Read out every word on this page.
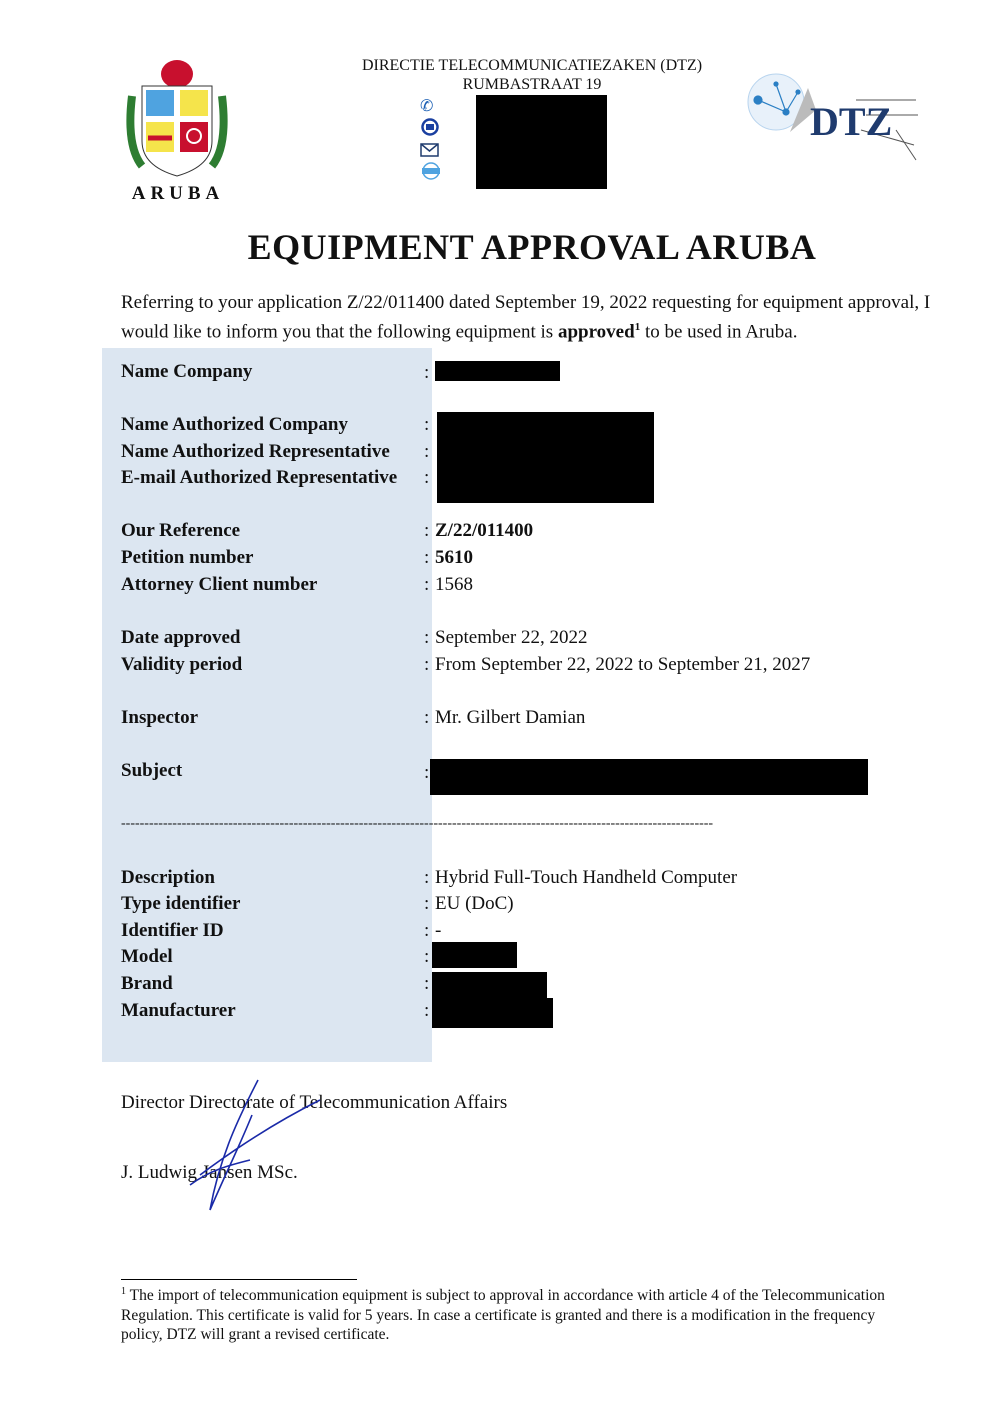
ARUBA
DIRECTIE TELECOMMUNICATIEZAKEN (DTZ)
RUMBASTRAAT 19
✆	DTZ
EQUIPMENT APPROVAL ARUBA
Referring to your application Z/22/011400 dated September 19, 2022 requesting for equipment approval, I would like to inform you that the following equipment is approved$^1$ to be used in Aruba.
Name Company	:
Name Authorized Company	:
Name Authorized Representative :
E-mail Authorized Representative :
Our Reference	: Z/22/011400
Petition number	: 5610
Attorney Client number	: 1568
Date approved	: September 22, 2022
Validity period	: From September 22, 2022 to September 21, 2027
Inspector	: Mr. Gilbert Damian
Subject	:
-------------------------------------------------------------------------------------------------------------------------------
Description	: Hybrid Full-Touch Handheld Computer
Type identifier	: EU (DoC)
Identifier ID	: -
Model	:
Brand	:
Manufacturer	:
Director Directorate of Telecommunication Affairs
J. Ludwig Jansen MSc.
$^1$ The import of telecommunication equipment is subject to approval in accordance with article 4 of the Telecommunication Regulation. This certificate is valid for 5 years. In case a certificate is granted and there is a modification in the frequency policy, DTZ will grant a revised certificate.
